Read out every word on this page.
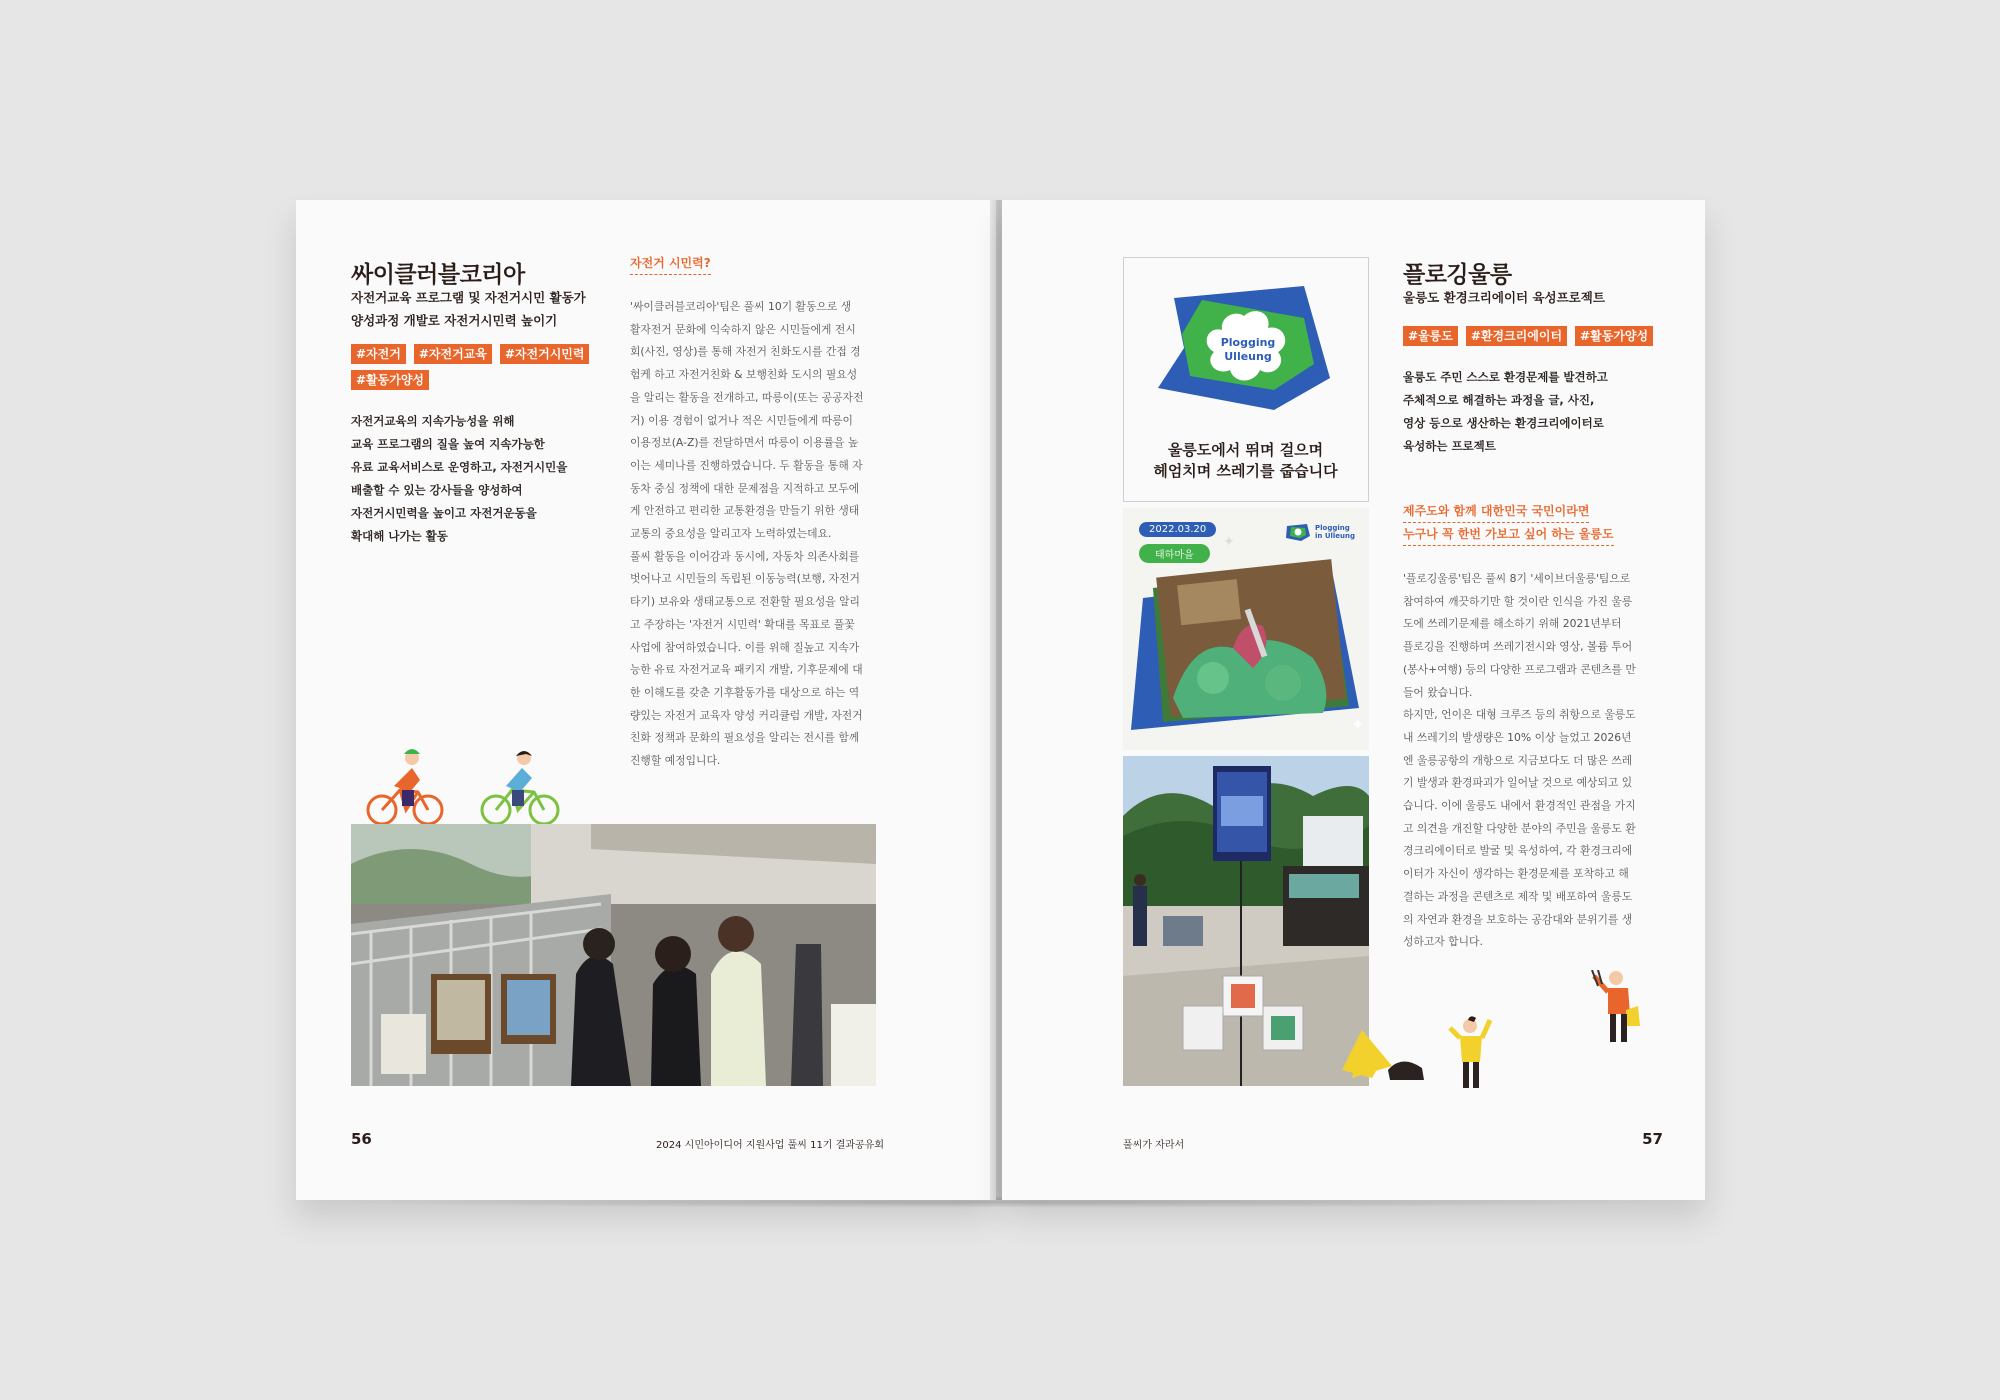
싸이클러블코리아
자전거교육 프로그램 및 자전거시민 활동가
양성과정 개발로 자전거시민력 높이기
#자전거	#자전거교육	#자전거시민력
#활동가양성
자전거교육의 지속가능성을 위해
교육 프로그램의 질을 높여 지속가능한
유료 교육서비스로 운영하고, 자전거시민을
배출할 수 있는 강사들을 양성하여
자전거시민력을 높이고 자전거운동을
확대해 나가는 활동
자전거 시민력?
'싸이클러블코리아'팀은 풀씨 10기 활동으로 생
활자전거 문화에 익숙하지 않은 시민들에게 전시
회(사진, 영상)를 통해 자전거 친화도시를 간접 경
험케 하고 자전거친화 & 보행친화 도시의 필요성
을 알리는 활동을 전개하고, 따릉이(또는 공공자전
거) 이용 경험이 없거나 적은 시민들에게 따릉이
이용정보(A-Z)를 전달하면서 따릉이 이용률을 높
이는 세미나를 진행하였습니다. 두 활동을 통해 자
동차 중심 정책에 대한 문제점을 지적하고 모두에
게 안전하고 편리한 교통환경을 만들기 위한 생태
교통의 중요성을 알리고자 노력하였는데요.
풀씨 활동을 이어감과 동시에, 자동차 의존사회를
벗어나고 시민들의 독립된 이동능력(보행, 자전거
타기) 보유와 생태교통으로 전환할 필요성을 알리
고 주장하는 '자전거 시민력' 확대를 목표로 풀꽃
사업에 참여하였습니다. 이를 위해 질높고 지속가
능한 유료 자전거교육 패키지 개발, 기후문제에 대
한 이해도를 갖춘 기후활동가를 대상으로 하는 역
량있는 자전거 교육자 양성 커리큘럼 개발, 자전거
친화 정책과 문화의 필요성을 알리는 전시를 함께
진행할 예정입니다.
56	2024 시민아이디어 지원사업 풀씨 11기 결과공유회
Plogging
Ulleung
울릉도에서 뛰며 걸으며
헤엄치며 쓰레기를 줍습니다
✦
✦
2022.03.20
태하마을
Plogging
in Ulleung
플로깅울릉
울릉도 환경크리에이터 육성프로젝트
#울릉도	#환경크리에이터	#활동가양성
울릉도 주민 스스로 환경문제를 발견하고
주체적으로 해결하는 과정을 글, 사진,
영상 등으로 생산하는 환경크리에이터로
육성하는 프로젝트
제주도와 함께 대한민국 국민이라면
누구나 꼭 한번 가보고 싶어 하는 울릉도
'플로깅울릉'팀은 풀씨 8기 '세이브더울릉'팀으로
참여하여 깨끗하기만 할 것이란 인식을 가진 울릉
도에 쓰레기문제를 해소하기 위해 2021년부터
플로깅을 진행하며 쓰레기전시와 영상, 볼륨 투어
(봉사+여행) 등의 다양한 프로그램과 콘텐츠를 만
들어 왔습니다.
하지만, 언이은 대형 크루즈 등의 취항으로 울릉도
내 쓰레기의 발생량은 10% 이상 늘었고 2026년
엔 울릉공항의 개항으로 지금보다도 더 많은 쓰레
기 발생과 환경파괴가 일어날 것으로 예상되고 있
습니다. 이에 울릉도 내에서 환경적인 관점을 가지
고 의견을 개진할 다양한 분야의 주민을 울릉도 환
경크리에이터로 발굴 및 육성하여, 각 환경크리에
이터가 자신이 생각하는 환경문제를 포착하고 해
결하는 과정을 콘텐츠로 제작 및 배포하여 울릉도
의 자연과 환경을 보호하는 공감대와 분위기를 생
성하고자 합니다.
풀씨가 자라서	57
